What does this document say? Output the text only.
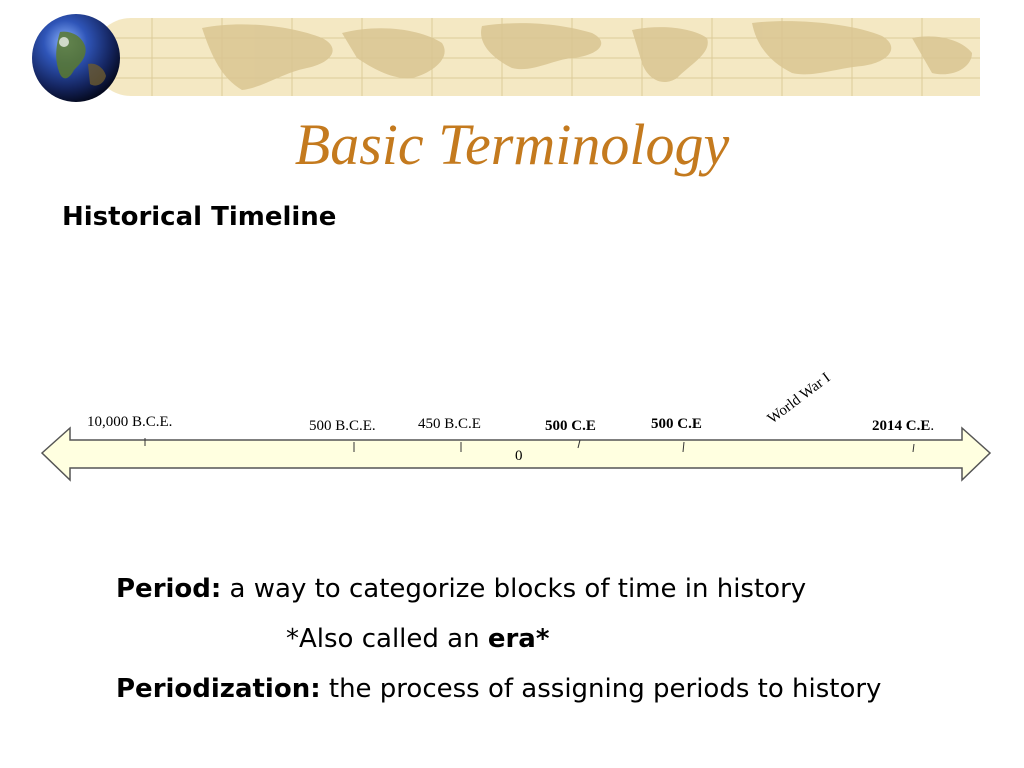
Basic Terminology
Historical Timeline
10,000 B.C.E.	500 B.C.E.	450 B.C.E	500 C.E	500 C.E	2014 C.E.
0
World War I
Period: a way to categorize blocks of time in history
*Also called an era*
Periodization: the process of assigning periods to history
